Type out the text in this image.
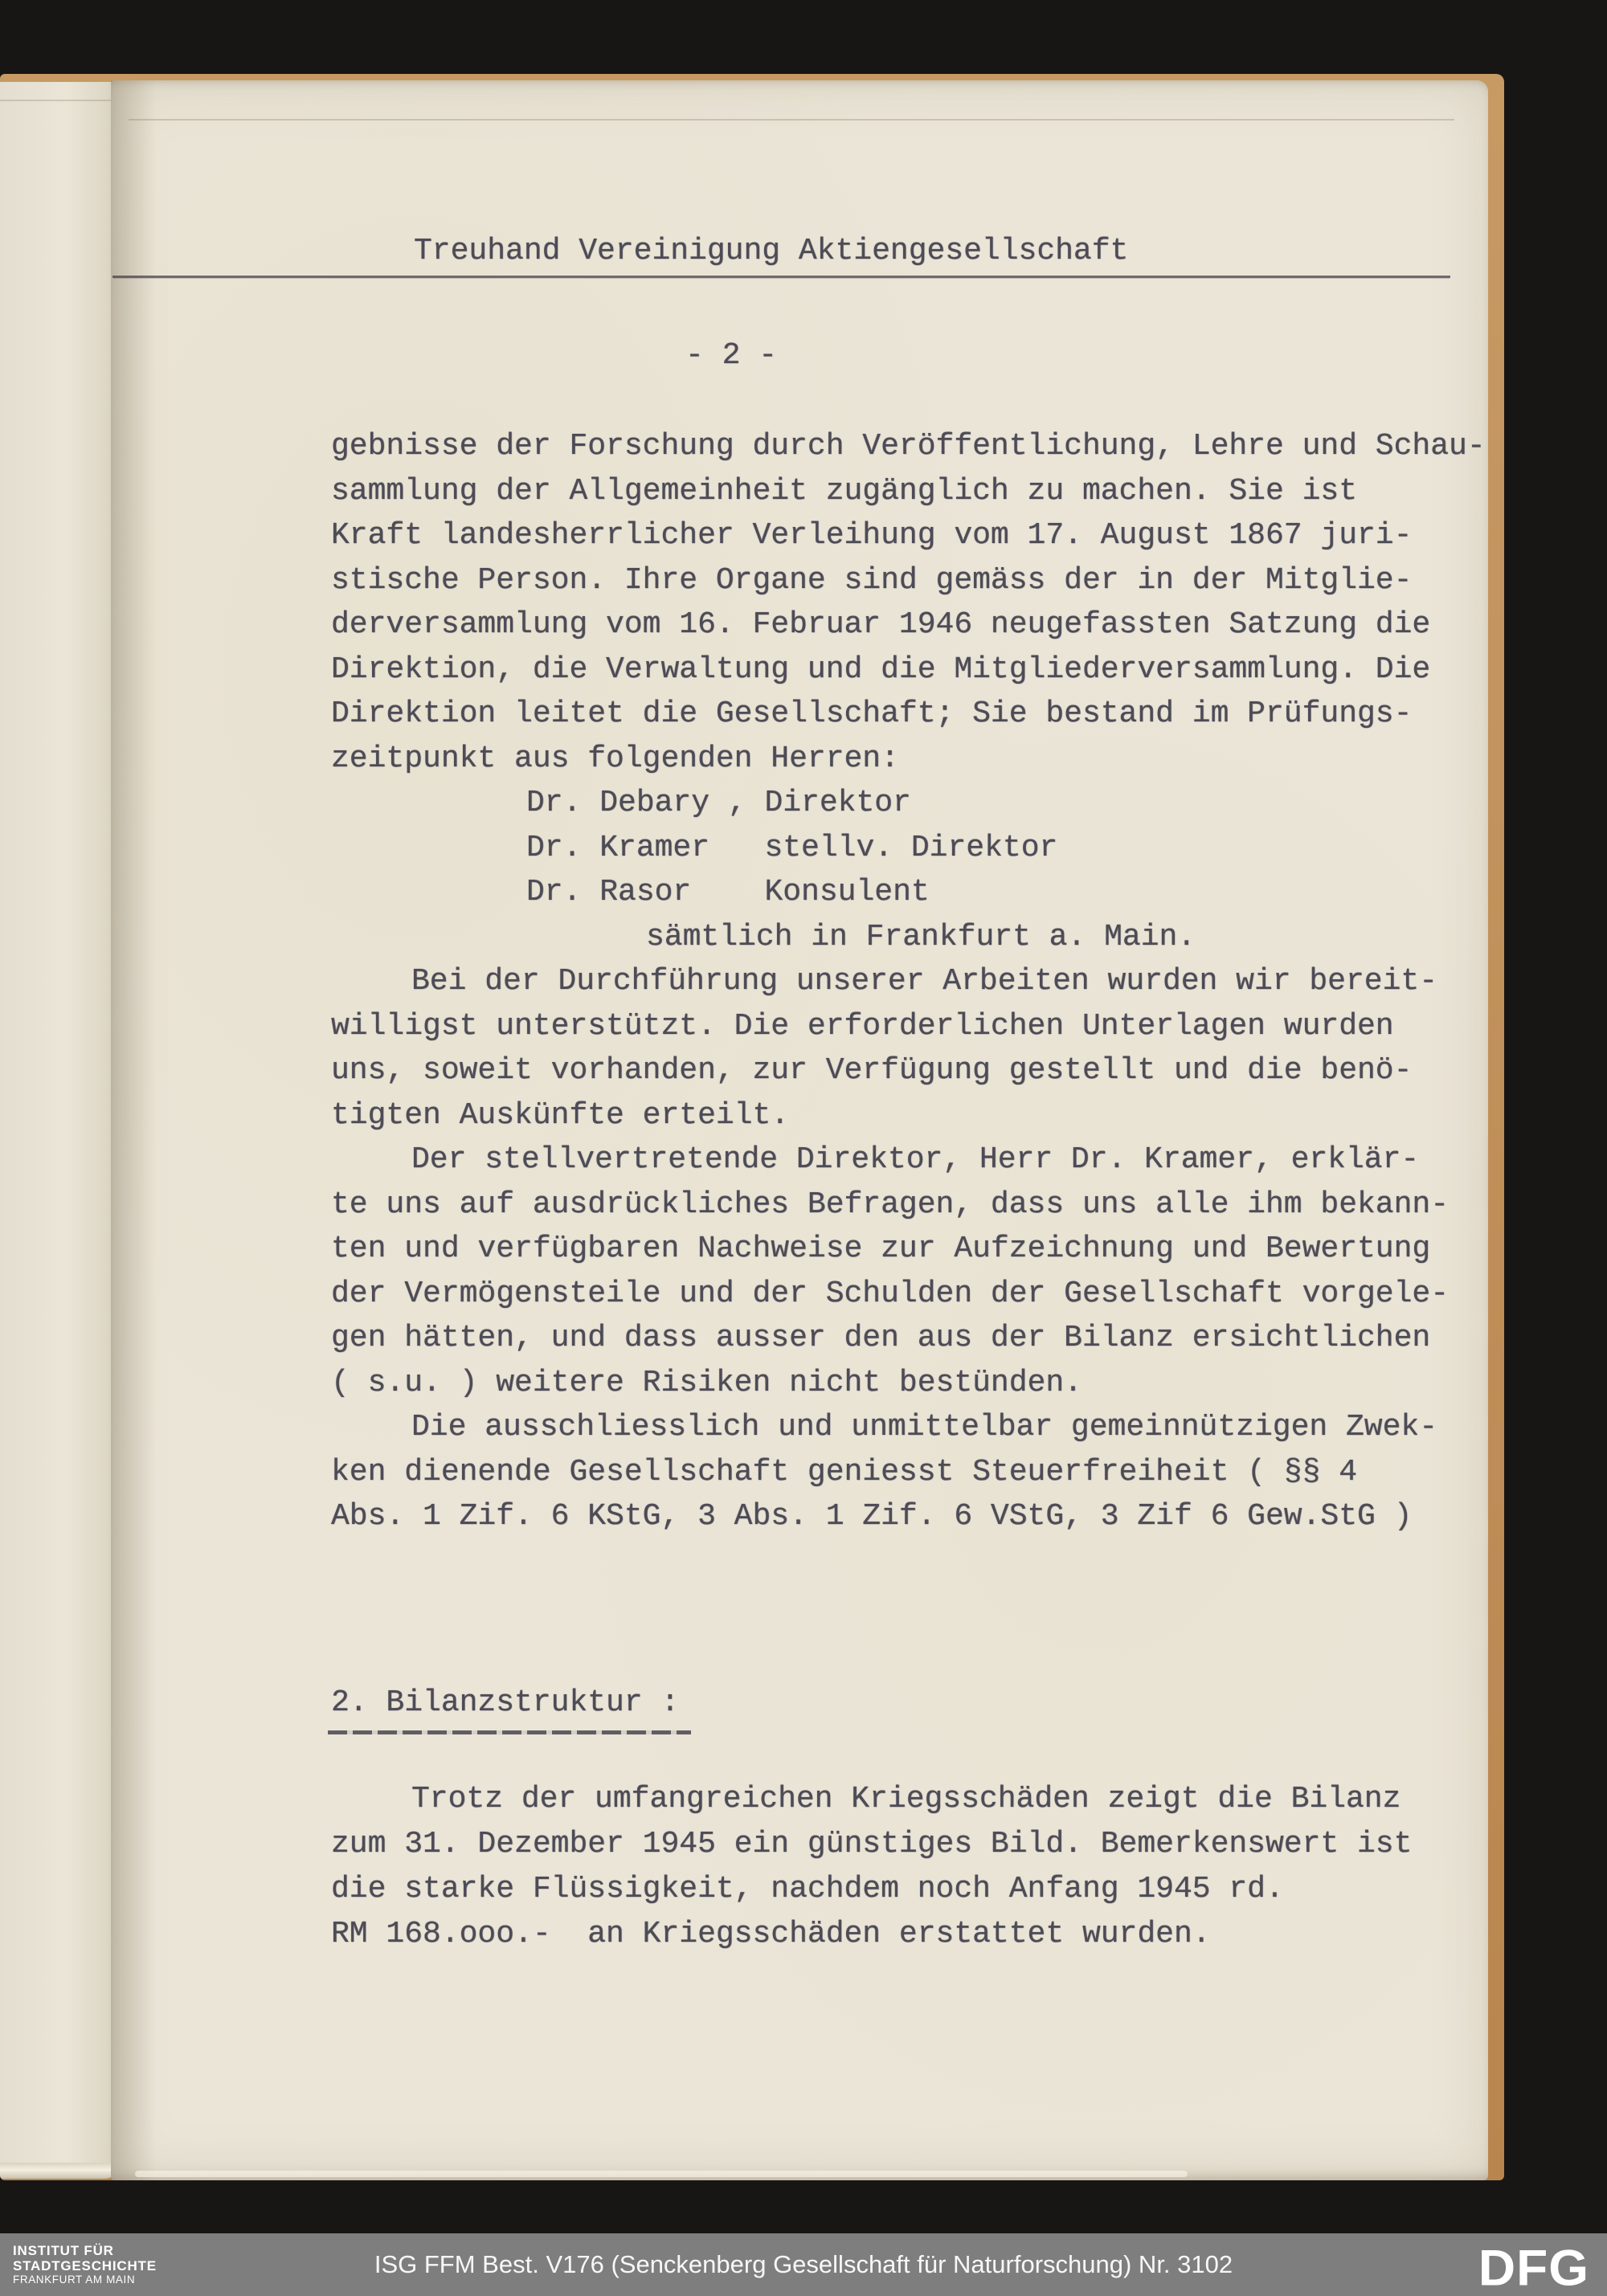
Treuhand Vereinigung Aktiengesellschaft
- 2 -
gebnisse der Forschung durch Veröffentlichung, Lehre und Schau-
sammlung der Allgemeinheit zugänglich zu machen. Sie ist
Kraft landesherrlicher Verleihung vom 17. August 1867 juri-
stische Person. Ihre Organe sind gemäss der in der Mitglie-
derversammlung vom 16. Februar 1946 neugefassten Satzung die
Direktion, die Verwaltung und die Mitgliederversammlung. Die
Direktion leitet die Gesellschaft; Sie bestand im Prüfungs-
zeitpunkt aus folgenden Herren:
Dr. Debary , Direktor
Dr. Kramer   stellv. Direktor
Dr. Rasor    Konsulent
sämtlich in Frankfurt a. Main.
Bei der Durchführung unserer Arbeiten wurden wir bereit-
willigst unterstützt. Die erforderlichen Unterlagen wurden
uns, soweit vorhanden, zur Verfügung gestellt und die benö-
tigten Auskünfte erteilt.
Der stellvertretende Direktor, Herr Dr. Kramer, erklär-
te uns auf ausdrückliches Befragen, dass uns alle ihm bekann-
ten und verfügbaren Nachweise zur Aufzeichnung und Bewertung
der Vermögensteile und der Schulden der Gesellschaft vorgele-
gen hätten, und dass ausser den aus der Bilanz ersichtlichen
( s.u. ) weitere Risiken nicht bestünden.
Die ausschliesslich und unmittelbar gemeinnützigen Zwek-
ken dienende Gesellschaft geniesst Steuerfreiheit ( §§ 4
Abs. 1 Zif. 6 KStG, 3 Abs. 1 Zif. 6 VStG, 3 Zif 6 Gew.StG )
2. Bilanzstruktur :
Trotz der umfangreichen Kriegsschäden zeigt die Bilanz
zum 31. Dezember 1945 ein günstiges Bild. Bemerkenswert ist
die starke Flüssigkeit, nachdem noch Anfang 1945 rd.
RM 168.ooo.-  an Kriegsschäden erstattet wurden.
INSTITUT FÜR
STADTGESCHICHTE
FRANKFURT AM MAIN
ISG FFM Best. V176 (Senckenberg Gesellschaft für Naturforschung) Nr. 3102	DFG
